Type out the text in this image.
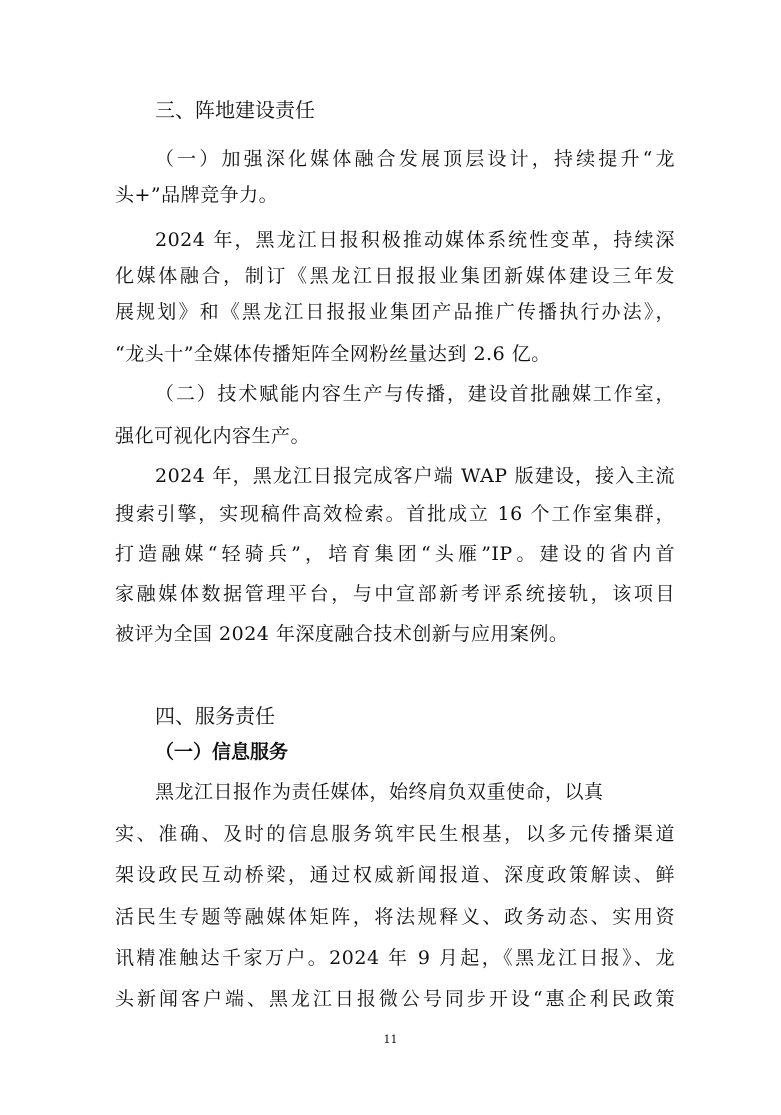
三、阵地建设责任
（一）加强深化媒体融合发展顶层设计，持续提升“龙
头+”品牌竞争力。
2024 年，黑龙江日报积极推动媒体系统性变革，持续深
化媒体融合，制订《黑龙江日报报业集团新媒体建设三年发
展规划》和《黑龙江日报报业集团产品推广传播执行办法》，
“龙头十”全媒体传播矩阵全网粉丝量达到 2.6 亿。
（二）技术赋能内容生产与传播，建设首批融媒工作室，
强化可视化内容生产。
2024 年，黑龙江日报完成客户端 WAP 版建设，接入主流
搜索引擎，实现稿件高效检索。首批成立 16 个工作室集群，
打造融媒“轻骑兵”，培育集团“头雁”IP。建设的省内首
家融媒体数据管理平台，与中宣部新考评系统接轨，该项目
被评为全国 2024 年深度融合技术创新与应用案例。
四、服务责任
（一）信息服务
黑龙江日报作为责任媒体，始终肩负双重使命，以真
实、准确、及时的信息服务筑牢民生根基，以多元传播渠道
架设政民互动桥梁，通过权威新闻报道、深度政策解读、鲜
活民生专题等融媒体矩阵，将法规释义、政务动态、实用资
讯精准触达千家万户。2024 年 9 月起，《黑龙江日报》、龙
头新闻客户端、黑龙江日报微公号同步开设“惠企利民政策
11
